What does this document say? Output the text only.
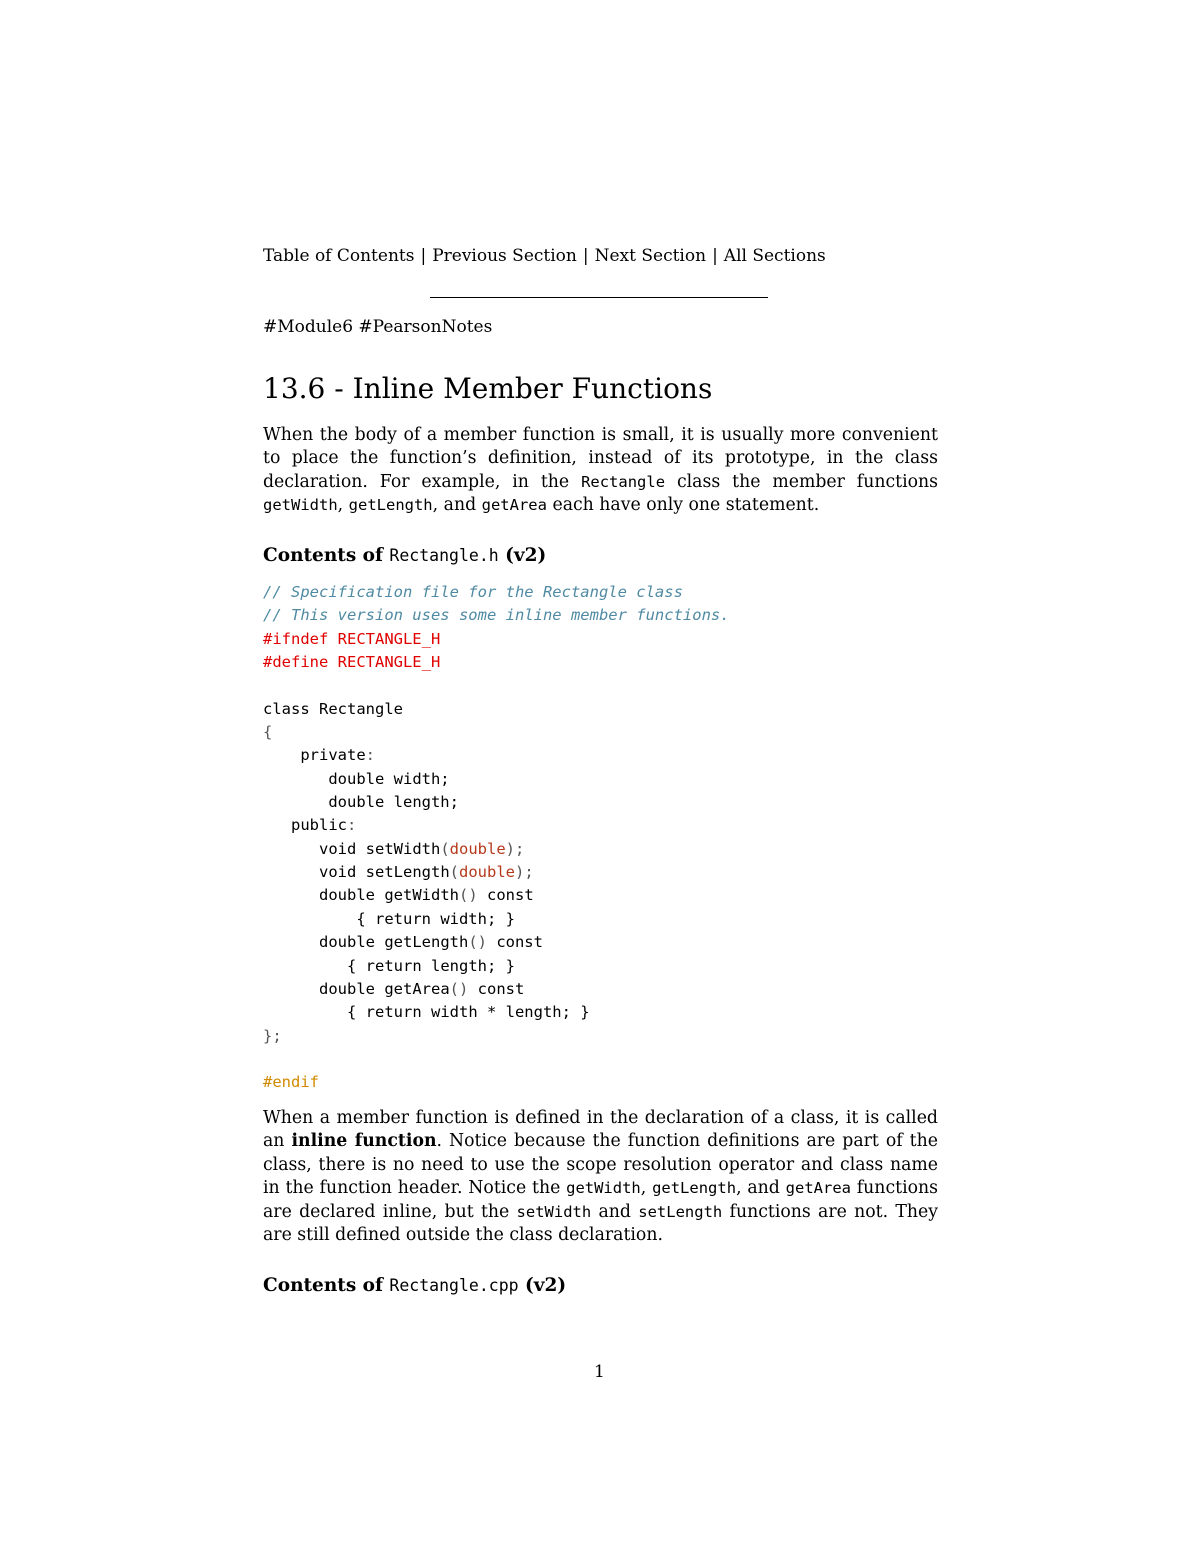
Table of Contents | Previous Section | Next Section | All Sections
#Module6 #PearsonNotes
13.6 - Inline Member Functions

When the body of a member function is small, it is usually more convenient to place the function’s definition, instead of its prototype, in the class declaration. For example, in the Rectangle class the member functions getWidth, getLength, and getArea each have only one statement.

Contents of Rectangle.h (v2)
// Specification file for the Rectangle class
// This version uses some inline member functions.
#ifndef RECTANGLE_H
#define RECTANGLE_H

class Rectangle
{
private:
double width;
double length;
public:
void setWidth(double);
void setLength(double);
double getWidth() const
{ return width; }
double getLength() const
{ return length; }
double getArea() const
{ return width * length; }
};

#endif

When a member function is defined in the declaration of a class, it is called an inline function. Notice because the function definitions are part of the class, there is no need to use the scope resolution operator and class name in the function header. Notice the getWidth, getLength, and getArea functions are declared inline, but the setWidth and setLength functions are not. They are still defined outside the class declaration.

Contents of Rectangle.cpp (v2)
1
